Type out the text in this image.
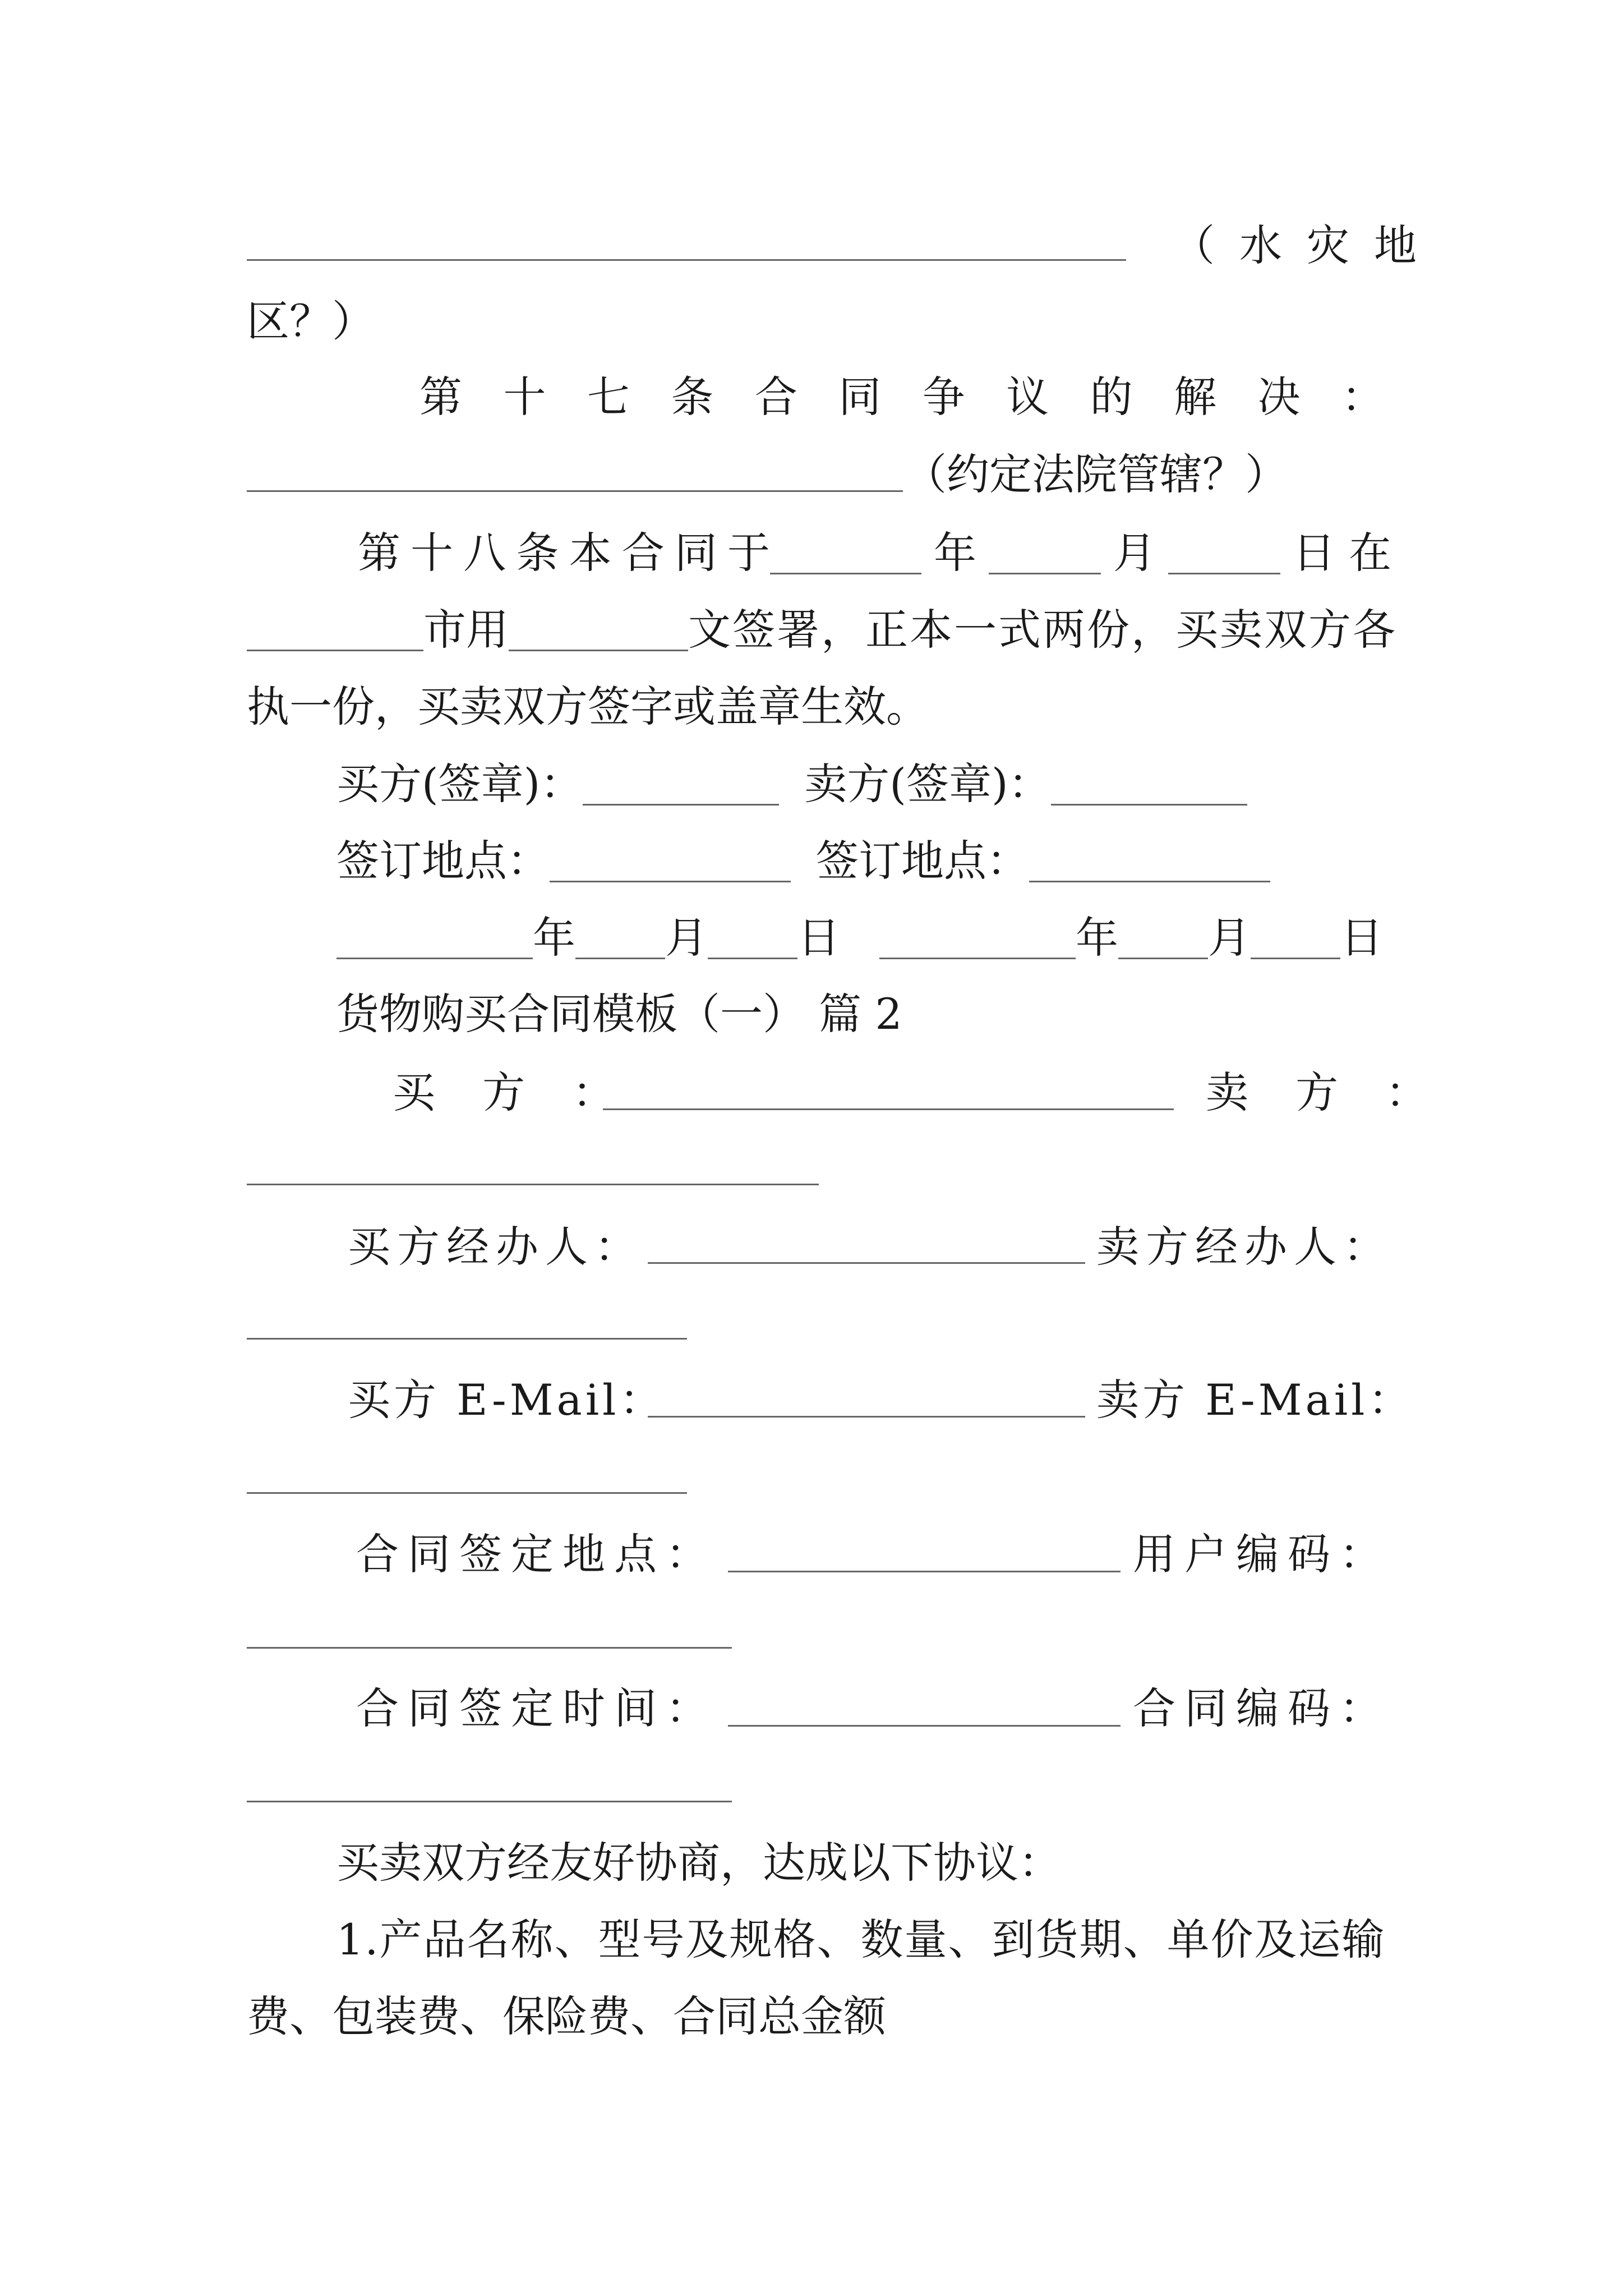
（水灾地
区？）
第 十 七 条 合 同 争 议 的 解 决 ：
（约定法院管辖？）
第 十 八 条 本 合 同 于	年	月	日 在
市用	文签署，正本一式两份，买卖双方各
执一份，买卖双方签字或盖章生效。
买方(签章)：	卖方(签章)：
签订地点：	签订地点：
年 月 日	年 月 日
货物购买合同模板（一） 篇 2
买 方 ：	卖 方 ：
买方经办人：	卖方经办人：
买方 E-Mail：	卖方 E-Mail：
合同签定地点：	用户编码：
合同签定时间：	合同编码：
买卖双方经友好协商，达成以下协议：
1.产品名称、型号及规格、数量、到货期、单价及运输
费、包装费、保险费、合同总金额
